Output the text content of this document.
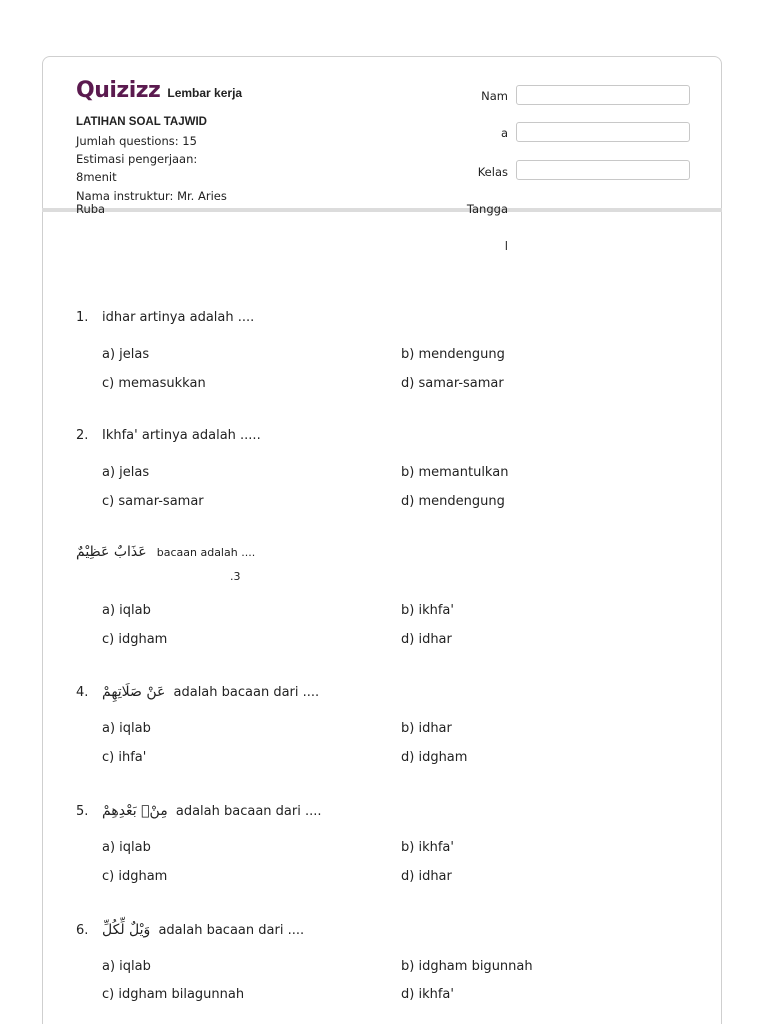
Quizizz Lembar kerja
LATIHAN SOAL TAJWID
Jumlah questions: 15
Estimasi pengerjaan:
8menit
Nama instruktur: Mr. Aries
Ruba
Nam
a
Kelas
Tangga
l
1. idhar artinya adalah ....
a) jelas	b) mendengung
c) memasukkan	d) samar-samar
2. Ikhfa' artinya adalah .....
a) jelas	b) memantulkan
c) samar-samar	d) mendengung
عَذَابٌ عَظِيْمٌ bacaan adalah ....
.3
a) iqlab	b) ikhfa'
c) idgham	d) idhar
4. عَنْ صَلَاتِهِمْ adalah bacaan dari ....
a) iqlab	b) idhar
c) ihfa'	d) idgham
5. مِنْۢ بَعْدِهِمْ adalah bacaan dari ....
a) iqlab	b) ikhfa'
c) idgham	d) idhar
6. وَيْلٌ لِّكُلِّ adalah bacaan dari ....
a) iqlab	b) idgham bigunnah
c) idgham bilagunnah	d) ikhfa'
